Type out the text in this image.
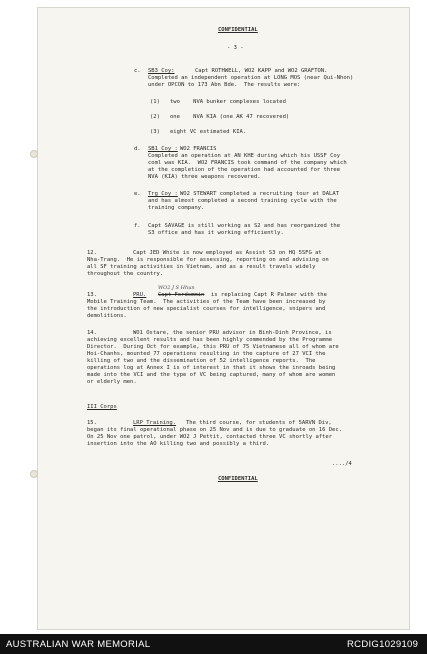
CONFIDENTIAL
- 3 -
c. SB3 Coy:	Capt ROTHWELL, WO2 KAPP and WO2 GRAFTON.
Completed an independent operation at LONG MOS (near Qui-Nhon)
under OPCON to 173 Abn Bde.  The results were:
(1) two    NVA bunker complexes located
(2) one    NVA KIA (one AK 47 recovered)
(3) eight VC estimated KIA.
d. SB1 Coy : WO2 FRANCIS
Completed an operation at AN KHE during which his USSF Coy
coml was KIA.  WO2 FRANCIS took command of the company which
at the completion of the operation had accounted for three
NVA (KIA) three weapons recovered.
e. Trg Coy : WO2 STEWART completed a recruiting tour at DALAT
and has almost completed a second training cycle with the
training company.
f. Capt SAVAGE is still working as S2 and has reorganized the
S3 office and has it working efficiently.
12.	Capt JED White is now employed as Assist S3 on HQ 5SFG at
Nha-Trang.  He is responsible for assessing, reporting on and advising on
all SF training activities in Vietnam, and as a result travels widely
throughout the country.
WO2 J S Hhun
13.	PRU. Capt Fordsmmin is replacing Capt R Palmer with the
Mobile Training Team.  The activities of the Team have been increased by
the introduction of new specialist courses for intelligence, snipers and
demolitions.
14.	WO1 Ostare, the senior PRU advisor in Binh-Dinh Province, is
achieving excellent results and has been highly commended by the Programme
Director.  During Oct for example, this PRU of 75 Vietnamese all of whom are
Hoi-Chanhs, mounted 77 operations resulting in the capture of 27 VCI the
killing of two and the dissemination of 52 intelligence reports.  The
operations log at Annex I is of interest in that it shows the inroads being
made into the VCI and the type of VC being captured, many of whom are women
or elderly men.
III Corps
15.	LRP Training. The third course, for students of 5ARVN Div,
began its final operational phase on 25 Nov and is due to graduate on 16 Dec.
On 25 Nov one patrol, under WO2 J Pettit, contacted three VC shortly after
insertion into the AO killing two and possibly a third.
..../4
CONFIDENTIAL
AUSTRALIAN WAR MEMORIAL	RCDIG1029109
